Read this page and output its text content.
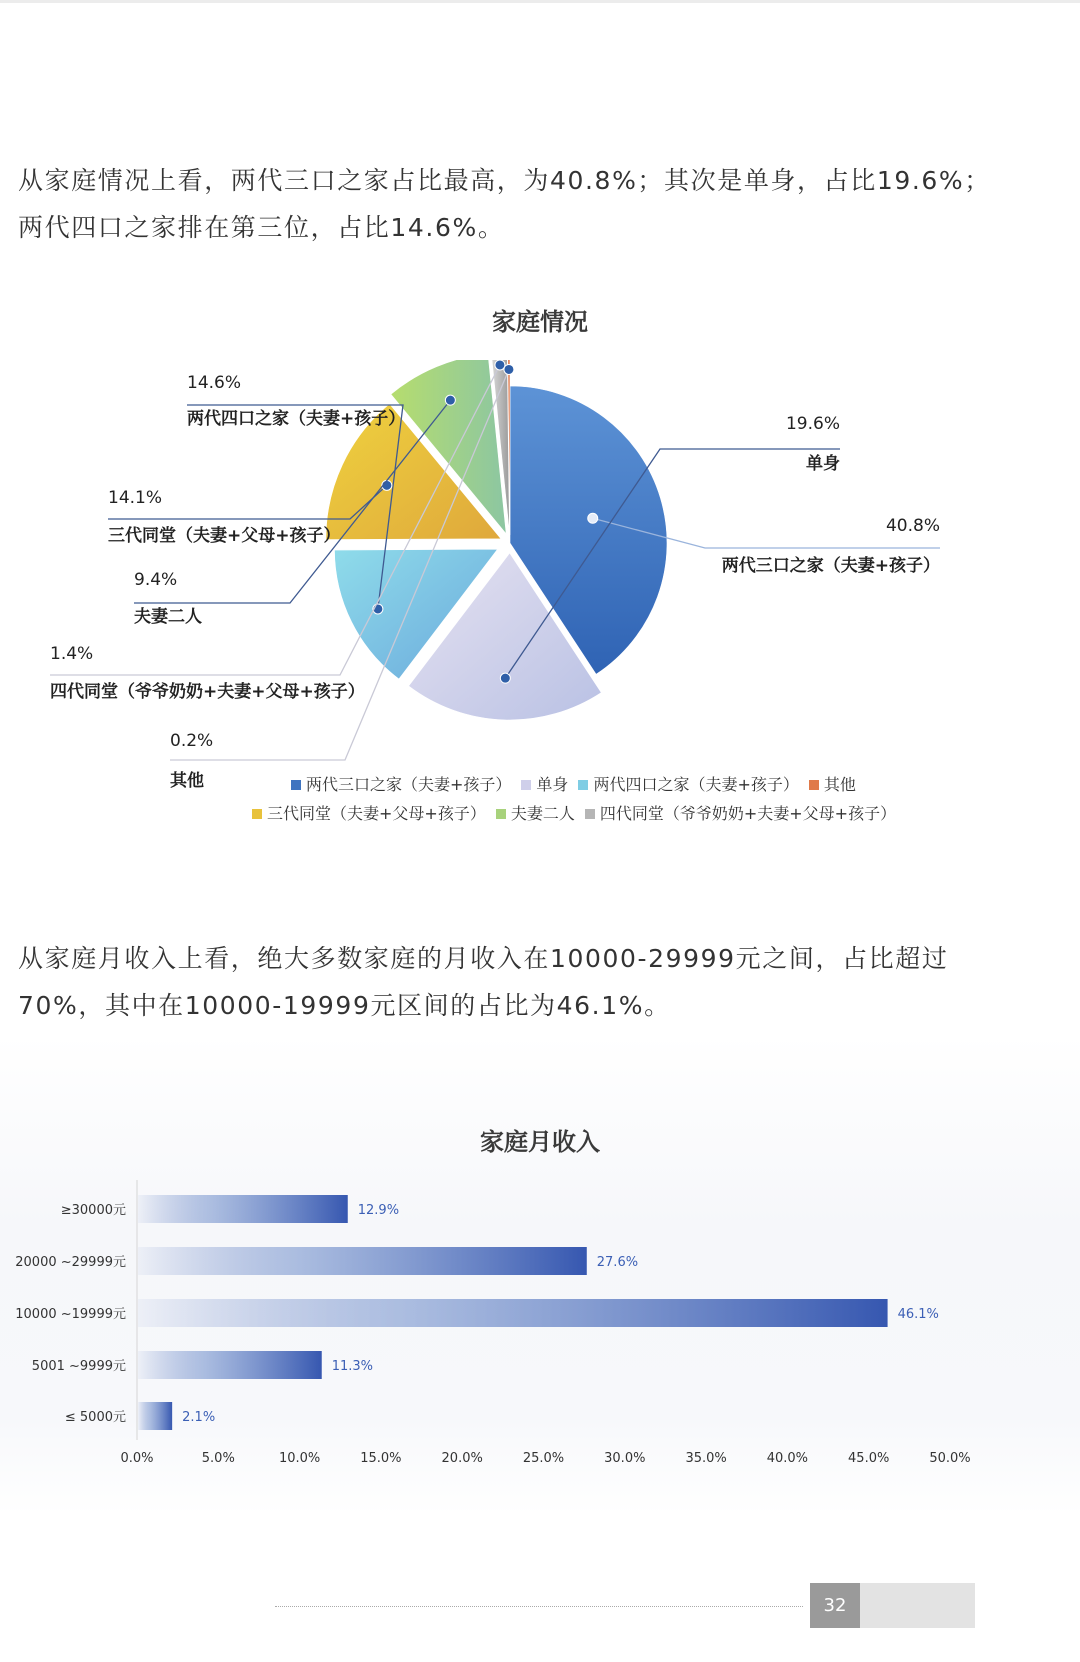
从家庭情况上看，两代三口之家占比最高，为40.8%；其次是单身，占比19.6%；

两代四口之家排在第三位，占比14.6%。

家庭情况
40.8%
两代三口之家（夫妻+孩子）
19.6%
单身
14.6%
两代四口之家（夫妻+孩子）
14.1%
三代同堂（夫妻+父母+孩子）
9.4%
夫妻二人
1.4%
四代同堂（爷爷奶奶+夫妻+父母+孩子）
0.2%
其他	两代三口之家（夫妻+孩子） 单身 两代四口之家（夫妻+孩子） 其他
三代同堂（夫妻+父母+孩子） 夫妻二人 四代同堂（爷爷奶奶+夫妻+父母+孩子）

从家庭月收入上看，绝大多数家庭的月收入在10000-29999元之间，占比超过

70%，其中在10000-19999元区间的占比为46.1%。

家庭月收入
≥30000元	12.9%
20000 ~29999元	27.6%
10000 ~19999元	46.1%
5001 ~9999元	11.3%
≤ 5000元	2.1%
0.0%	5.0%	10.0%	15.0%	20.0%	25.0%	30.0%	35.0%	40.0%	45.0%	50.0%
32
